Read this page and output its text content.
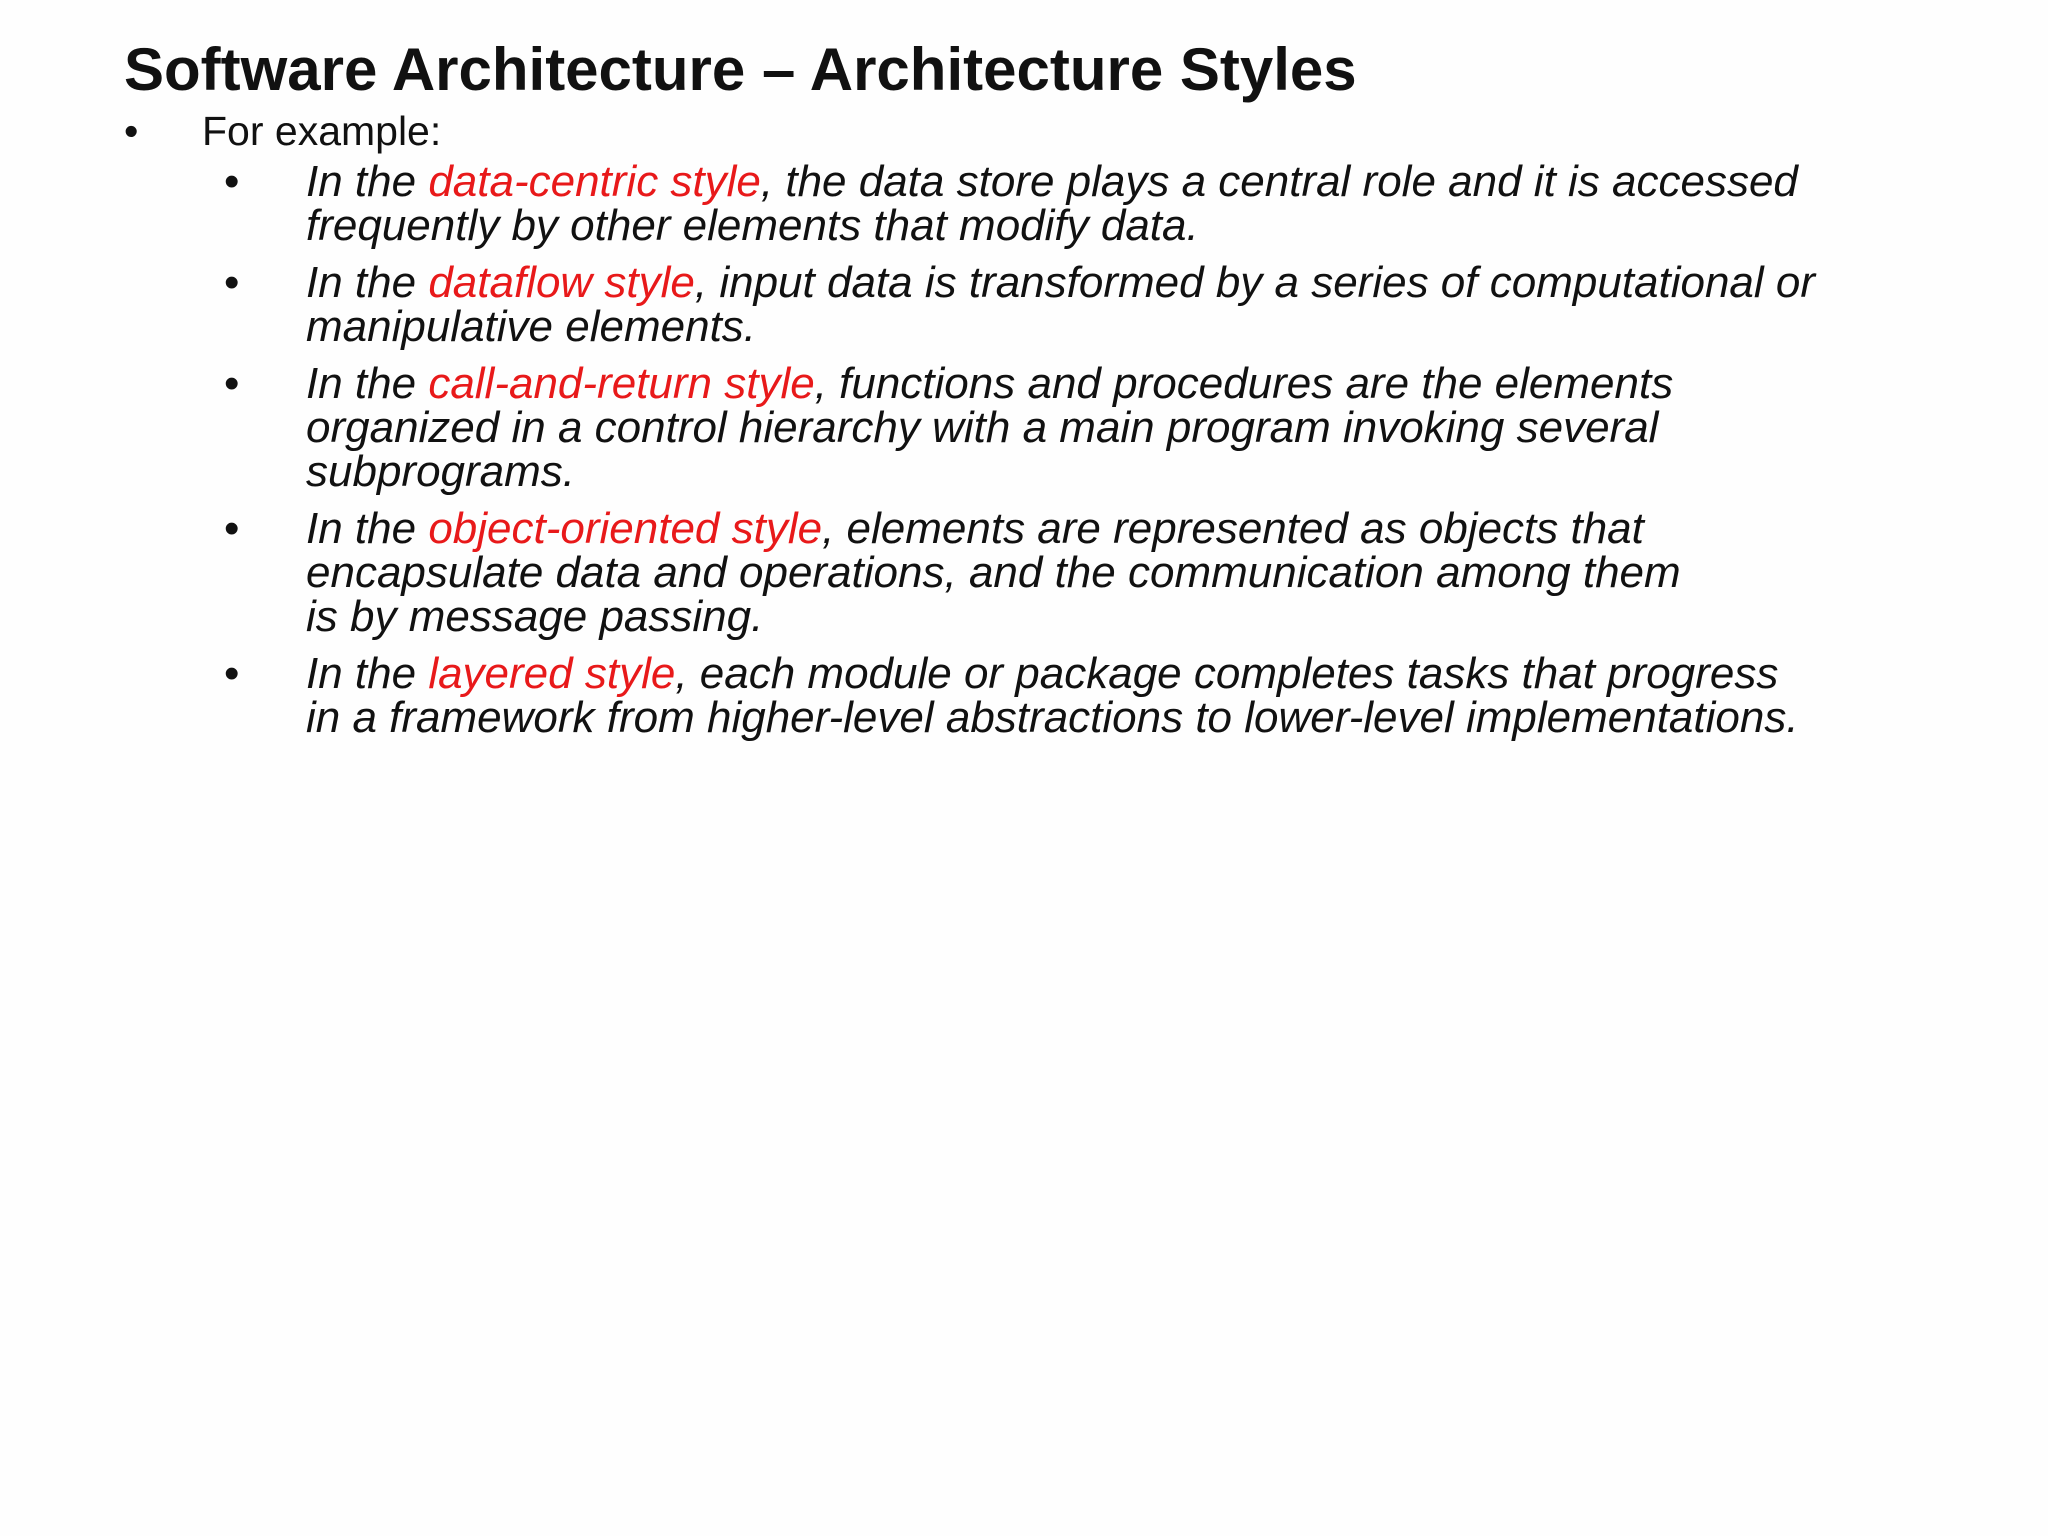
Software Architecture – Architecture Styles
• For example:
• In the data-centric style, the data store plays a central role and it is accessed
frequently by other elements that modify data.
• In the dataflow style, input data is transformed by a series of computational or
manipulative elements.
• In the call-and-return style, functions and procedures are the elements
organized in a control hierarchy with a main program invoking several
subprograms.
• In the object-oriented style, elements are represented as objects that
encapsulate data and operations, and the communication among them
is by message passing.
• In the layered style, each module or package completes tasks that progress
in a framework from higher-level abstractions to lower-level implementations.
